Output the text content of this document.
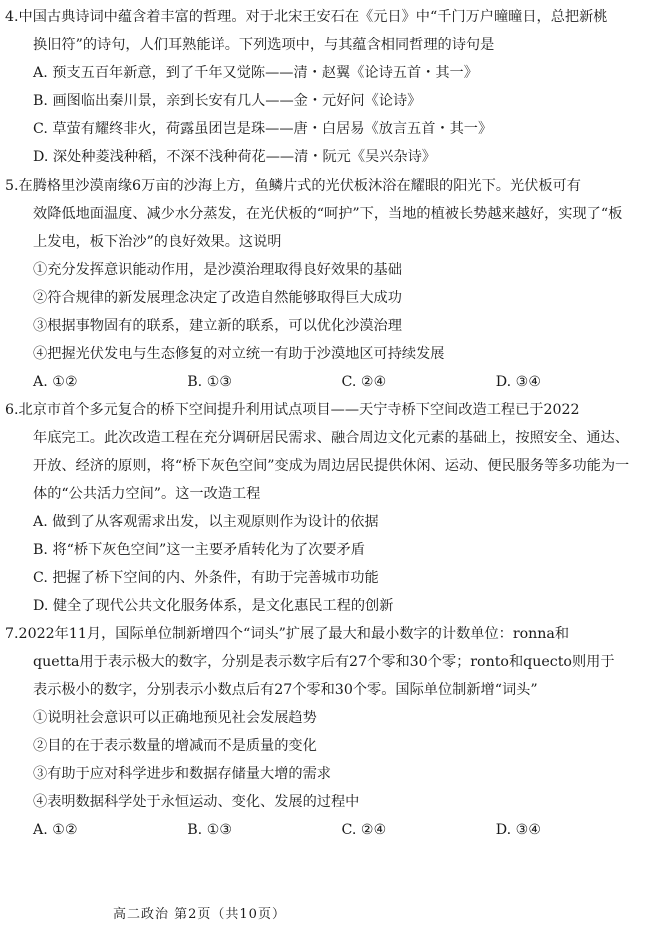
4.中国古典诗词中蕴含着丰富的哲理。对于北宋王安石在《元日》中“千门万户曈曈日，总把新桃
换旧符”的诗句，人们耳熟能详。下列选项中，与其蕴含相同哲理的诗句是
A. 预支五百年新意，到了千年又觉陈——清・赵翼《论诗五首・其一》
B. 画图临出秦川景，亲到长安有几人——金・元好问《论诗》
C. 草萤有耀终非火，荷露虽团岂是珠——唐・白居易《放言五首・其一》
D. 深处种菱浅种稻，不深不浅种荷花——清・阮元《吴兴杂诗》
5.在腾格里沙漠南缘6万亩的沙海上方，鱼鳞片式的光伏板沐浴在耀眼的阳光下。光伏板可有
效降低地面温度、减少水分蒸发，在光伏板的“呵护”下，当地的植被长势越来越好，实现了“板
上发电，板下治沙”的良好效果。这说明
①充分发挥意识能动作用，是沙漠治理取得良好效果的基础
②符合规律的新发展理念决定了改造自然能够取得巨大成功
③根据事物固有的联系，建立新的联系，可以优化沙漠治理
④把握光伏发电与生态修复的对立统一有助于沙漠地区可持续发展
A. ①②	B. ①③	C. ②④	D. ③④
6.北京市首个多元复合的桥下空间提升利用试点项目——天宁寺桥下空间改造工程已于2022
年底完工。此次改造工程在充分调研居民需求、融合周边文化元素的基础上，按照安全、通达、
开放、经济的原则，将“桥下灰色空间”变成为周边居民提供休闲、运动、便民服务等多功能为一
体的“公共活力空间”。这一改造工程
A. 做到了从客观需求出发，以主观原则作为设计的依据
B. 将“桥下灰色空间”这一主要矛盾转化为了次要矛盾
C. 把握了桥下空间的内、外条件，有助于完善城市功能
D. 健全了现代公共文化服务体系，是文化惠民工程的创新
7.2022年11月，国际单位制新增四个“词头”扩展了最大和最小数字的计数单位：ronna和
quetta用于表示极大的数字，分别是表示数字后有27个零和30个零；ronto和quecto则用于
表示极小的数字，分别表示小数点后有27个零和30个零。国际单位制新增“词头”
①说明社会意识可以正确地预见社会发展趋势
②目的在于表示数量的增减而不是质量的变化
③有助于应对科学进步和数据存储量大增的需求
④表明数据科学处于永恒运动、变化、发展的过程中
A. ①②	B. ①③	C. ②④	D. ③④
高二政治 第2页（共10页）
